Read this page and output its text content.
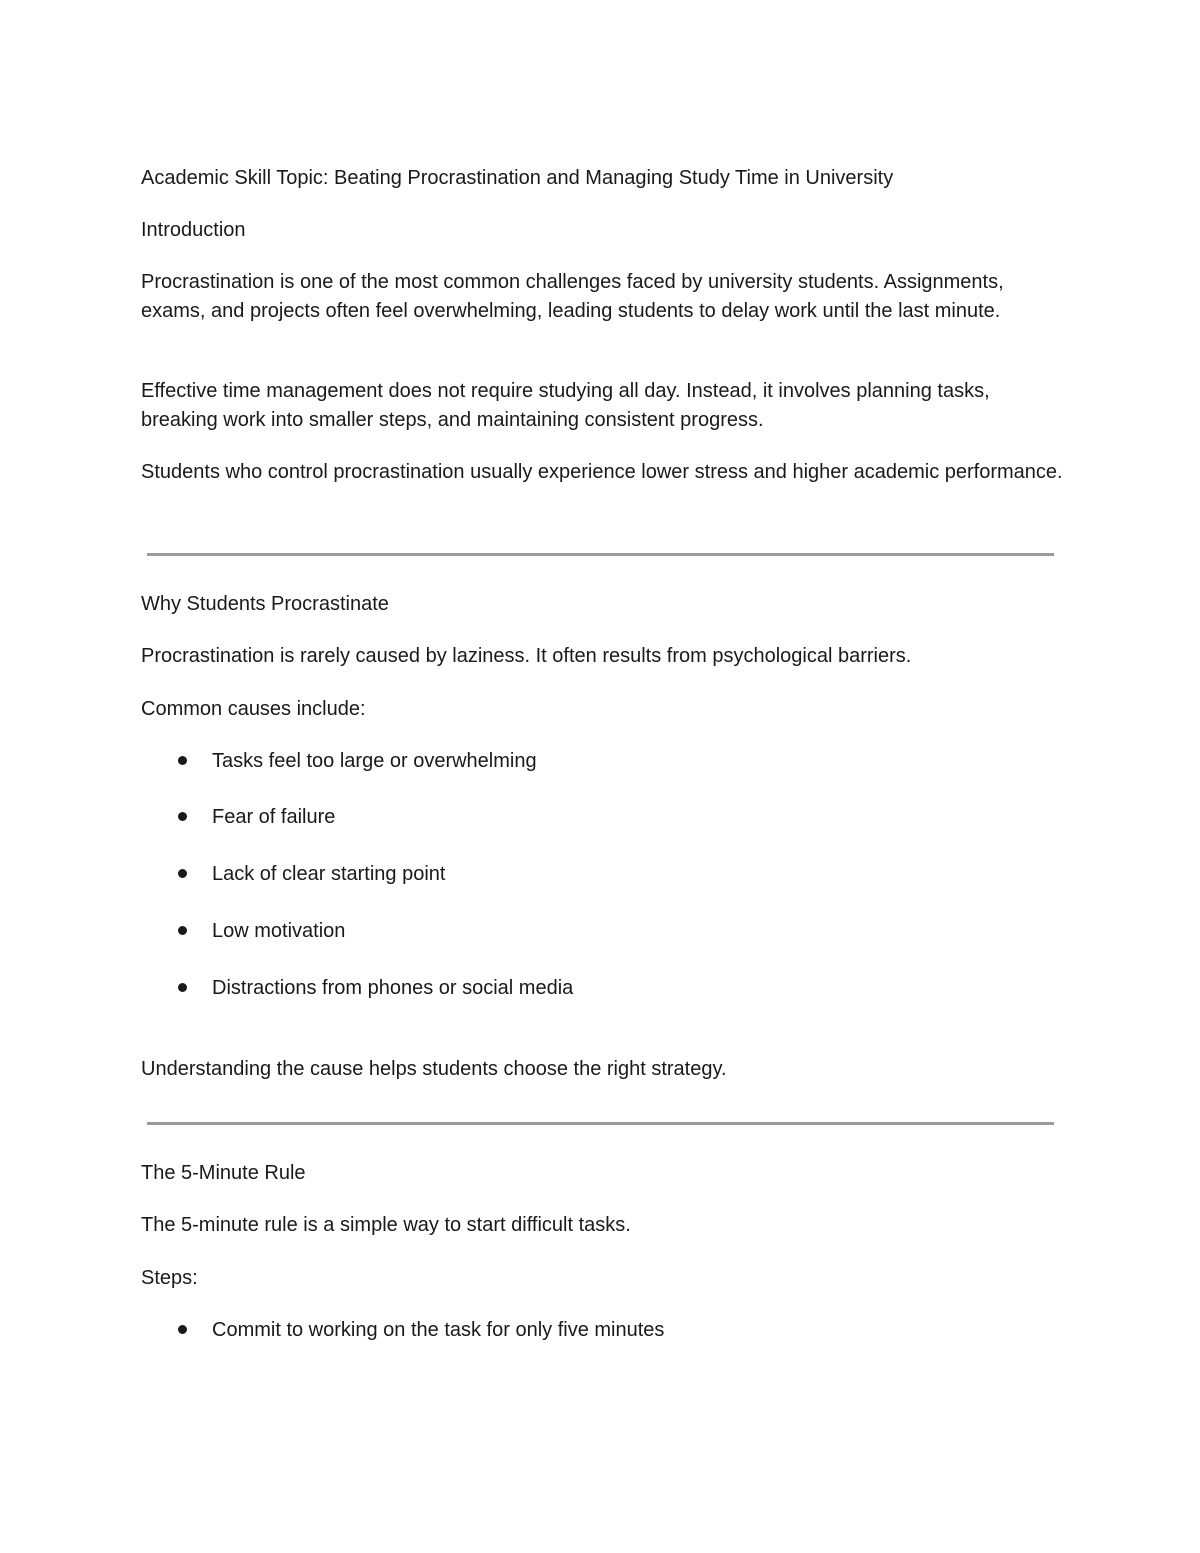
Academic Skill Topic: Beating Procrastination and Managing Study Time in University
Introduction

Procrastination is one of the most common challenges faced by university students. Assignments, exams, and projects often feel overwhelming, leading students to delay work until the last minute.

Effective time management does not require studying all day. Instead, it involves planning tasks, breaking work into smaller steps, and maintaining consistent progress.

Students who control procrastination usually experience lower stress and higher academic performance.

Why Students Procrastinate

Procrastination is rarely caused by laziness. It often results from psychological barriers.

Common causes include:

Tasks feel too large or overwhelming
Fear of failure
Lack of clear starting point
Low motivation
Distractions from phones or social media

Understanding the cause helps students choose the right strategy.

The 5-Minute Rule

The 5-minute rule is a simple way to start difficult tasks.

Steps:

Commit to working on the task for only five minutes
